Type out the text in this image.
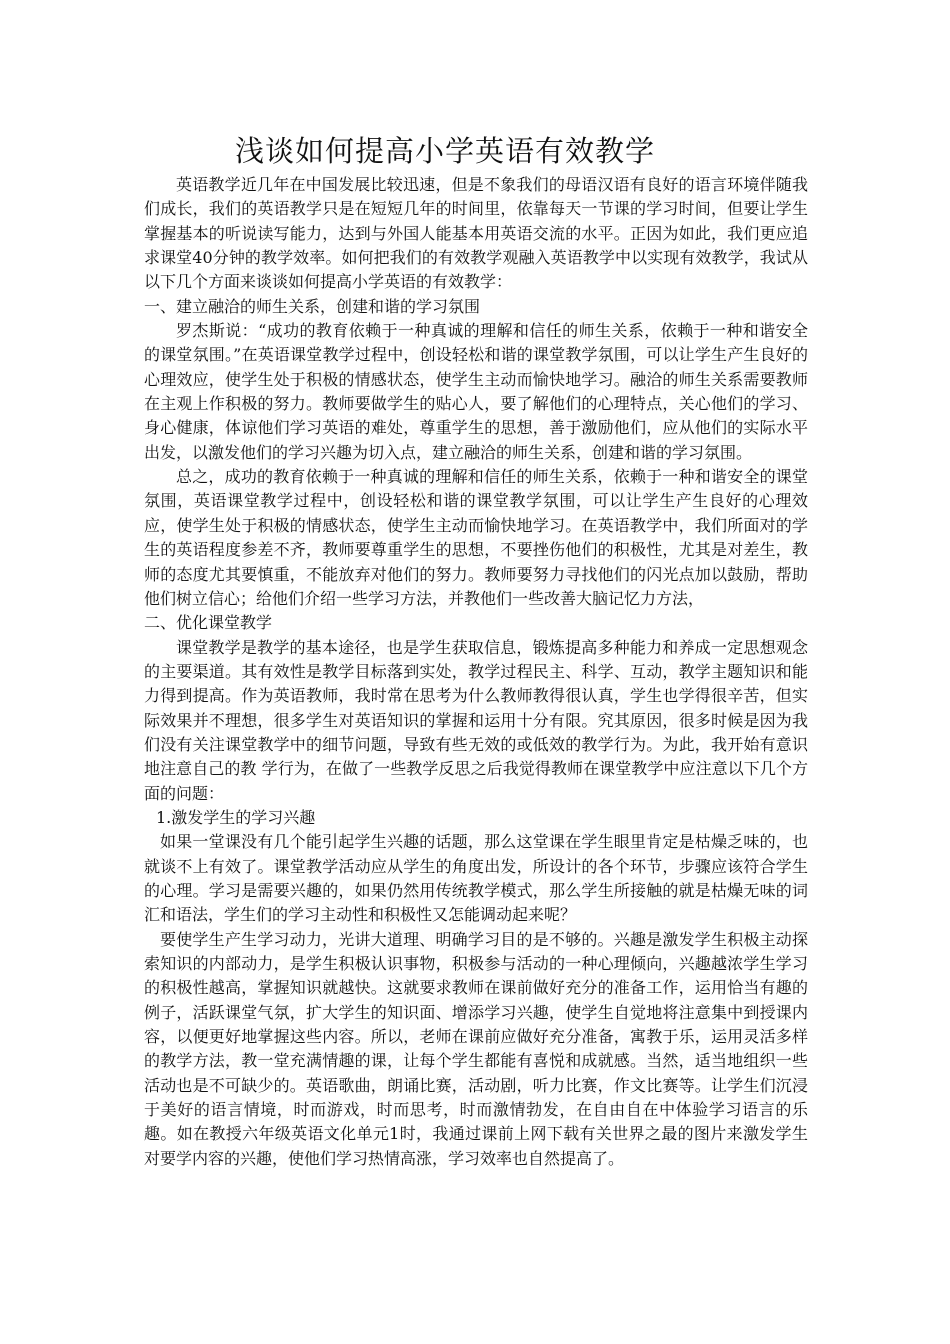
浅谈如何提高小学英语有效教学

英语教学近几年在中国发展比较迅速，但是不象我们的母语汉语有良好的语言环境伴随我们成长，我们的英语教学只是在短短几年的时间里，依靠每天一节课的学习时间，但要让学生掌握基本的听说读写能力，达到与外国人能基本用英语交流的水平。正因为如此，我们更应追求课堂40分钟的教学效率。如何把我们的有效教学观融入英语教学中以实现有效教学，我试从以下几个方面来谈谈如何提高小学英语的有效教学：

一、建立融洽的师生关系，创建和谐的学习氛围

罗杰斯说：“成功的教育依赖于一种真诚的理解和信任的师生关系，依赖于一种和谐安全的课堂氛围。”在英语课堂教学过程中，创设轻松和谐的课堂教学氛围，可以让学生产生良好的心理效应，使学生处于积极的情感状态，使学生主动而愉快地学习。融洽的师生关系需要教师在主观上作积极的努力。教师要做学生的贴心人，要了解他们的心理特点，关心他们的学习、身心健康，体谅他们学习英语的难处，尊重学生的思想，善于激励他们，应从他们的实际水平出发，以激发他们的学习兴趣为切入点，建立融洽的师生关系，创建和谐的学习氛围。

总之，成功的教育依赖于一种真诚的理解和信任的师生关系，依赖于一种和谐安全的课堂氛围，英语课堂教学过程中，创设轻松和谐的课堂教学氛围，可以让学生产生良好的心理效应，使学生处于积极的情感状态，使学生主动而愉快地学习。在英语教学中，我们所面对的学生的英语程度参差不齐，教师要尊重学生的思想，不要挫伤他们的积极性，尤其是对差生，教师的态度尤其要慎重，不能放弃对他们的努力。教师要努力寻找他们的闪光点加以鼓励，帮助他们树立信心；给他们介绍一些学习方法，并教他们一些改善大脑记忆力方法，

二、优化课堂教学

课堂教学是教学的基本途径，也是学生获取信息，锻炼提高多种能力和养成一定思想观念的主要渠道。其有效性是教学目标落到实处，教学过程民主、科学、互动，教学主题知识和能力得到提高。作为英语教师，我时常在思考为什么教师教得很认真，学生也学得很辛苦，但实际效果并不理想，很多学生对英语知识的掌握和运用十分有限。究其原因，很多时候是因为我们没有关注课堂教学中的细节问题，导致有些无效的或低效的教学行为。为此，我开始有意识地注意自己的教 学行为，在做了一些教学反思之后我觉得教师在课堂教学中应注意以下几个方面的问题：

1.激发学生的学习兴趣

如果一堂课没有几个能引起学生兴趣的话题，那么这堂课在学生眼里肯定是枯燥乏味的，也就谈不上有效了。课堂教学活动应从学生的角度出发，所设计的各个环节，步骤应该符合学生的心理。学习是需要兴趣的，如果仍然用传统教学模式，那么学生所接触的就是枯燥无味的词汇和语法，学生们的学习主动性和积极性又怎能调动起来呢？

要使学生产生学习动力，光讲大道理、明确学习目的是不够的。兴趣是激发学生积极主动探索知识的内部动力，是学生积极认识事物，积极参与活动的一种心理倾向，兴趣越浓学生学习的积极性越高，掌握知识就越快。这就要求教师在课前做好充分的准备工作，运用恰当有趣的例子，活跃课堂气氛，扩大学生的知识面、增添学习兴趣，使学生自觉地将注意集中到授课内容，以便更好地掌握这些内容。所以，老师在课前应做好充分准备，寓教于乐，运用灵活多样的教学方法，教一堂充满情趣的课，让每个学生都能有喜悦和成就感。当然，适当地组织一些活动也是不可缺少的。英语歌曲，朗诵比赛，活动剧，听力比赛，作文比赛等。让学生们沉浸于美好的语言情境，时而游戏，时而思考，时而激情勃发，在自由自在中体验学习语言的乐趣。如在教授六年级英语文化单元1时，我通过课前上网下载有关世界之最的图片来激发学生对要学内容的兴趣，使他们学习热情高涨，学习效率也自然提高了。
